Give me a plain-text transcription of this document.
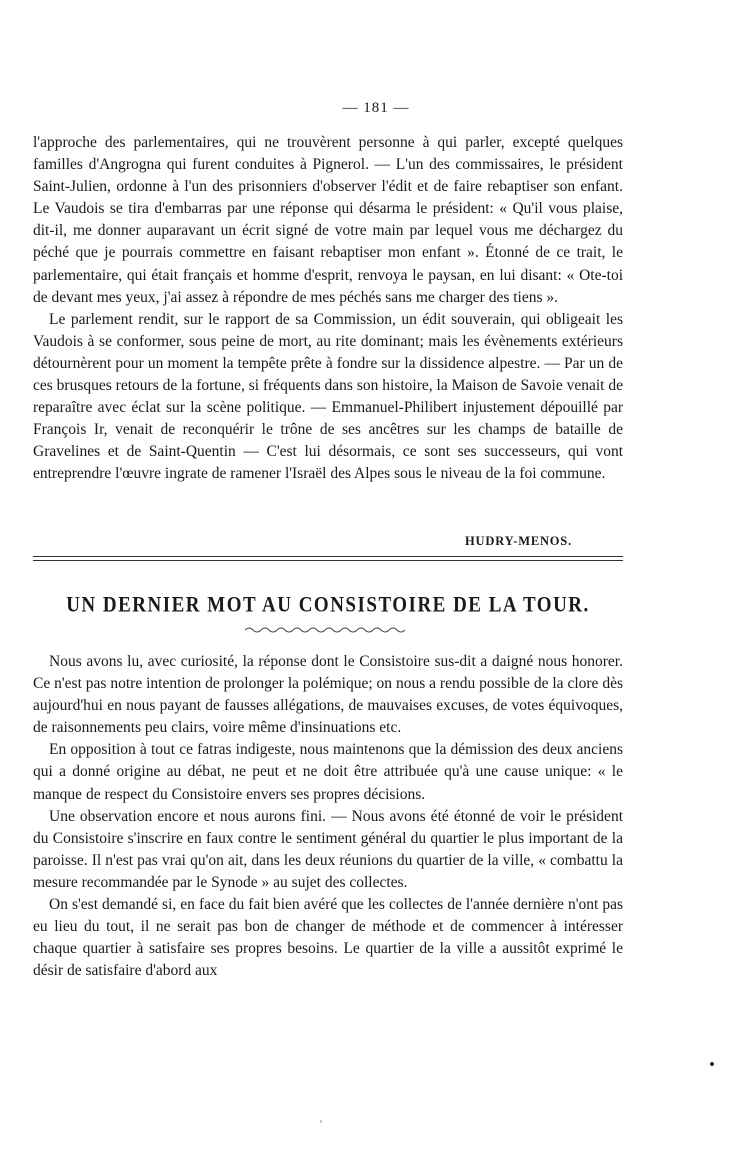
— 181 —

l'approche des parlementaires, qui ne trouvèrent personne à qui parler, excepté quelques familles d'Angrogna qui furent conduites à Pignerol. — L'un des commissaires, le président Saint-Julien, ordonne à l'un des prisonniers d'observer l'édit et de faire rebaptiser son enfant. Le Vaudois se tira d'embarras par une réponse qui désarma le président: « Qu'il vous plaise, dit-il, me donner auparavant un écrit signé de votre main par lequel vous me déchargez du péché que je pourrais commettre en faisant rebaptiser mon enfant ». Étonné de ce trait, le parlementaire, qui était français et homme d'esprit, renvoya le paysan, en lui disant: « Ote-toi de devant mes yeux, j'ai assez à répondre de mes péchés sans me charger des tiens ».

Le parlement rendit, sur le rapport de sa Commission, un édit souverain, qui obligeait les Vaudois à se conformer, sous peine de mort, au rite dominant; mais les évènements extérieurs détournèrent pour un moment la tempête prête à fondre sur la dissidence alpestre. — Par un de ces brusques retours de la fortune, si fréquents dans son histoire, la Maison de Savoie venait de reparaître avec éclat sur la scène politique. — Emmanuel-Philibert injustement dépouillé par François Ir, venait de reconquérir le trône de ses ancêtres sur les champs de bataille de Gravelines et de Saint-Quentin — C'est lui désormais, ce sont ses successeurs, qui vont entreprendre l'œuvre ingrate de ramener l'Israël des Alpes sous le niveau de la foi commune.

HUDRY-MENOS.
UN DERNIER MOT AU CONSISTOIRE DE LA TOUR.

Nous avons lu, avec curiosité, la réponse dont le Consistoire sus-dit a daigné nous honorer. Ce n'est pas notre intention de prolonger la polémique; on nous a rendu possible de la clore dès aujourd'hui en nous payant de fausses allégations, de mauvaises excuses, de votes équivoques, de raisonnements peu clairs, voire même d'insinuations etc.

En opposition à tout ce fatras indigeste, nous maintenons que la démission des deux anciens qui a donné origine au débat, ne peut et ne doit être attribuée qu'à une cause unique: « le manque de respect du Consistoire envers ses propres décisions.

Une observation encore et nous aurons fini. — Nous avons été étonné de voir le président du Consistoire s'inscrire en faux contre le sentiment général du quartier le plus important de la paroisse. Il n'est pas vrai qu'on ait, dans les deux réunions du quartier de la ville, « combattu la mesure recommandée par le Synode » au sujet des collectes.

On s'est demandé si, en face du fait bien avéré que les collectes de l'année dernière n'ont pas eu lieu du tout, il ne serait pas bon de changer de méthode et de commencer à intéresser chaque quartier à satisfaire ses propres besoins. Le quartier de la ville a aussitôt exprimé le désir de satisfaire d'abord aux
